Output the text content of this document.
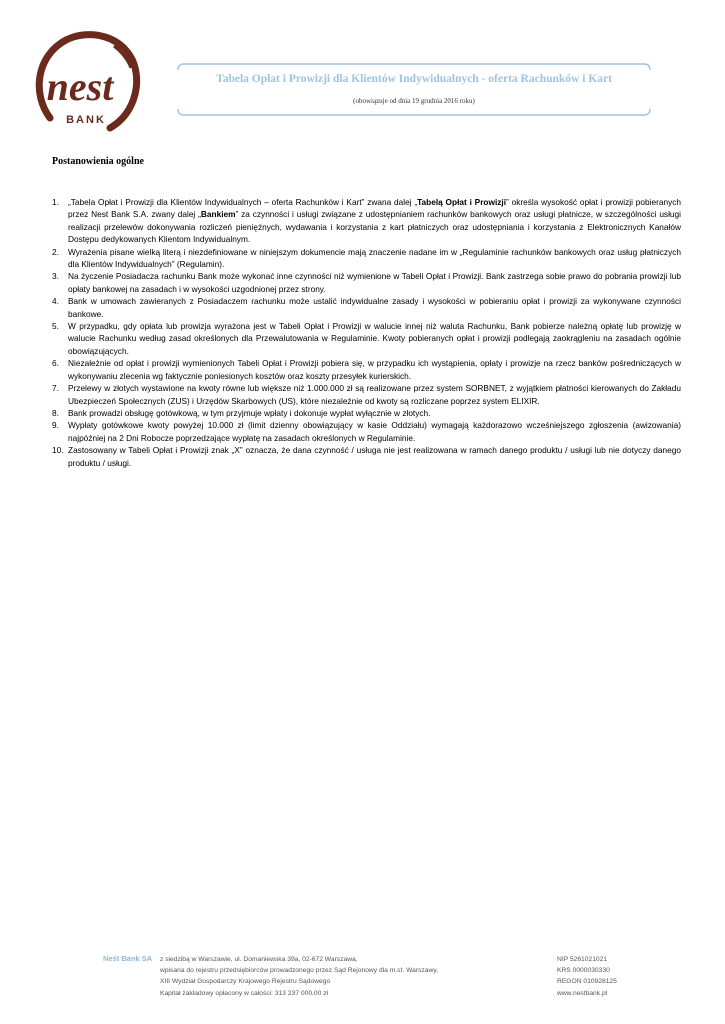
nest
BANK
Tabela Opłat i Prowizji dla Klientów Indywidualnych - oferta Rachunków i Kart
(obowiązuje od dnia 19 grudnia 2016 roku)
Postanowienia ogólne
1. „Tabela Opłat i Prowizji dla Klientów Indywidualnych – oferta Rachunków i Kart” zwana dalej „Tabelą Opłat i Prowizji” określa wysokość opłat i prowizji pobieranych przez Nest Bank S.A. zwany dalej „Bankiem” za czynności i usługi związane z udostępnianiem rachunków bankowych oraz usługi płatnicze, w szczególności usługi realizacji przelewów dokonywania rozliczeń pieniężnych, wydawania i korzystania z kart płatniczych oraz udostępniania i korzystania z Elektronicznych Kanałów Dostępu dedykowanych Klientom Indywidualnym.
2. Wyrażenia pisane wielką literą i niezdefiniowane w niniejszym dokumencie mają znaczenie nadane im w „Regulaminie rachunków bankowych oraz usług płatniczych dla Klientów Indywidualnych” (Regulamin).
3. Na życzenie Posiadacza rachunku Bank może wykonać inne czynności niż wymienione w Tabeli Opłat i Prowizji. Bank zastrzega sobie prawo do pobrania prowizji lub opłaty bankowej na zasadach i w wysokości uzgodnionej przez strony.
4. Bank w umowach zawieranych z Posiadaczem rachunku może ustalić indywidualne zasady i wysokości w pobieraniu opłat i prowizji za wykonywane czynności bankowe.
5. W przypadku, gdy opłata lub prowizja wyrażona jest w Tabeli Opłat i Prowizji w walucie innej niż waluta Rachunku, Bank pobierze należną opłatę lub prowizję w walucie Rachunku według zasad określonych dla Przewalutowania w Regulaminie. Kwoty pobieranych opłat i prowizji podlegają zaokrągleniu na zasadach ogólnie obowiązujących.
6. Niezależnie od opłat i prowizji wymienionych Tabeli Opłat i Prowizji pobiera się, w przypadku ich wystąpienia, opłaty i prowizje na rzecz banków pośredniczących w wykonywaniu zlecenia wg faktycznie poniesionych kosztów oraz koszty przesyłek kurierskich.
7. Przelewy w złotych wystawione na kwoty równe lub większe niż 1.000.000 zł są realizowane przez system SORBNET, z wyjątkiem płatności kierowanych do Zakładu Ubezpieczeń Społecznych (ZUS) i Urzędów Skarbowych (US), które niezależnie od kwoty są rozliczane poprzez system ELIXIR.
8. Bank prowadzi obsługę gotówkową, w tym przyjmuje wpłaty i dokonuje wypłat wyłącznie w złotych.
9. Wypłaty gotówkowe kwoty powyżej 10.000 zł (limit dzienny obowiązujący w kasie Oddziału) wymagają każdorazowo wcześniejszego zgłoszenia (awizowania) najpóźniej na 2 Dni Robocze poprzedzające wypłatę na zasadach określonych w Regulaminie.
10. Zastosowany w Tabeli Opłat i Prowizji znak „X” oznacza, że dana czynność / usługa nie jest realizowana w ramach danego produktu / usługi lub nie dotyczy danego produktu / usługi.
Neśt Bank SA z siedzibą w Warszawie, ul. Domaniewska 39a, 02-672 Warszawa,
wpisana do rejestru przedsiębiorców prowadzonego przez Sąd Rejonowy dla m.st. Warszawy,
XIII Wydział Gospodarczy Krajowego Rejestru Sądowego
Kapitał zakładowy opłacony w całości: 313 237 000,00 zł
NIP 5261021021
KRS 0000030330
REGON 010928125
www.nestbank.pl
